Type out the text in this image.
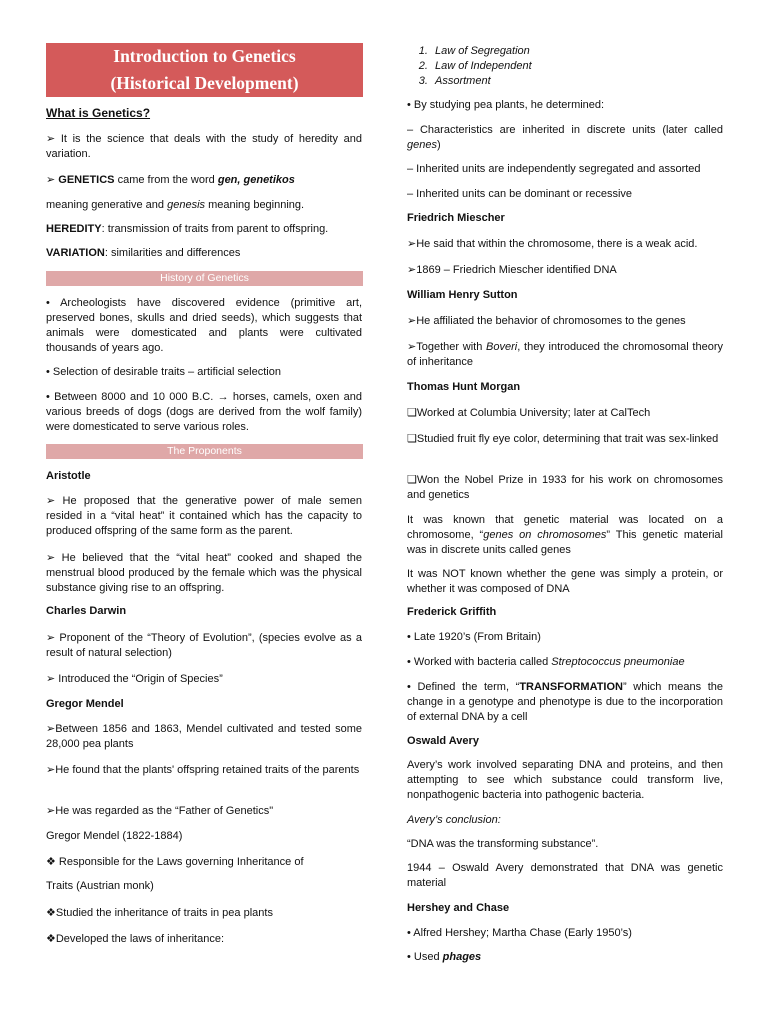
Introduction to Genetics
(Historical Development)

What is Genetics?

➢ It is the science that deals with the study of heredity and variation.

➢ GENETICS came from the word gen, genetikos

meaning generative and genesis meaning beginning.

HEREDITY: transmission of traits from parent to offspring.

VARIATION: similarities and differences

History of Genetics

• Archeologists have discovered evidence (primitive art, preserved bones, skulls and dried seeds), which suggests that animals were domesticated and plants were cultivated thousands of years ago.

• Selection of desirable traits – artificial selection

• Between 8000 and 10 000 B.C. → horses, camels, oxen and various breeds of dogs (dogs are derived from the wolf family) were domesticated to serve various roles.

The Proponents

Aristotle

➢ He proposed that the generative power of male semen resided in a “vital heat” it contained which has the capacity to produced offspring of the same form as the parent.

➢ He believed that the “vital heat” cooked and shaped the menstrual blood produced by the female which was the physical substance giving rise to an offspring.

Charles Darwin

➢ Proponent of the “Theory of Evolution”, (species evolve as a result of natural selection)

➢ Introduced the “Origin of Species”

Gregor Mendel

➢Between 1856 and 1863, Mendel cultivated and tested some 28,000 pea plants

➢He found that the plants' offspring retained traits of the parents

➢He was regarded as the “Father of Genetics"

Gregor Mendel (1822-1884)

❖ Responsible for the Laws governing Inheritance of

Traits (Austrian monk)

❖Studied the inheritance of traits in pea plants

❖Developed the laws of inheritance:

1. Law of Segregation
2. Law of Independent
3. Assortment

• By studying pea plants, he determined:

– Characteristics are inherited in discrete units (later called genes)

– Inherited units are independently segregated and assorted

– Inherited units can be dominant or recessive

Friedrich Miescher

➢He said that within the chromosome, there is a weak acid.

➢1869 – Friedrich Miescher identified DNA

William Henry Sutton

➢He affiliated the behavior of chromosomes to the genes

➢Together with Boveri, they introduced the chromosomal theory of inheritance

Thomas Hunt Morgan

❑Worked at Columbia University; later at CalTech

❑Studied fruit fly eye color, determining that trait was sex-linked

❑Won the Nobel Prize in 1933 for his work on chromosomes and genetics

It was known that genetic material was located on a chromosome, “genes on chromosomes” This genetic material was in discrete units called genes

It was NOT known whether the gene was simply a protein, or whether it was composed of DNA

Frederick Griffith

• Late 1920’s (From Britain)

• Worked with bacteria called Streptococcus pneumoniae

• Defined the term, “TRANSFORMATION” which means the change in a genotype and phenotype is due to the incorporation of external DNA by a cell

Oswald Avery

Avery’s work involved separating DNA and proteins, and then attempting to see which substance could transform live, nonpathogenic bacteria into pathogenic bacteria.

Avery’s conclusion:

“DNA was the transforming substance”.

1944 – Oswald Avery demonstrated that DNA was genetic material

Hershey and Chase

• Alfred Hershey; Martha Chase (Early 1950’s)

• Used phages
